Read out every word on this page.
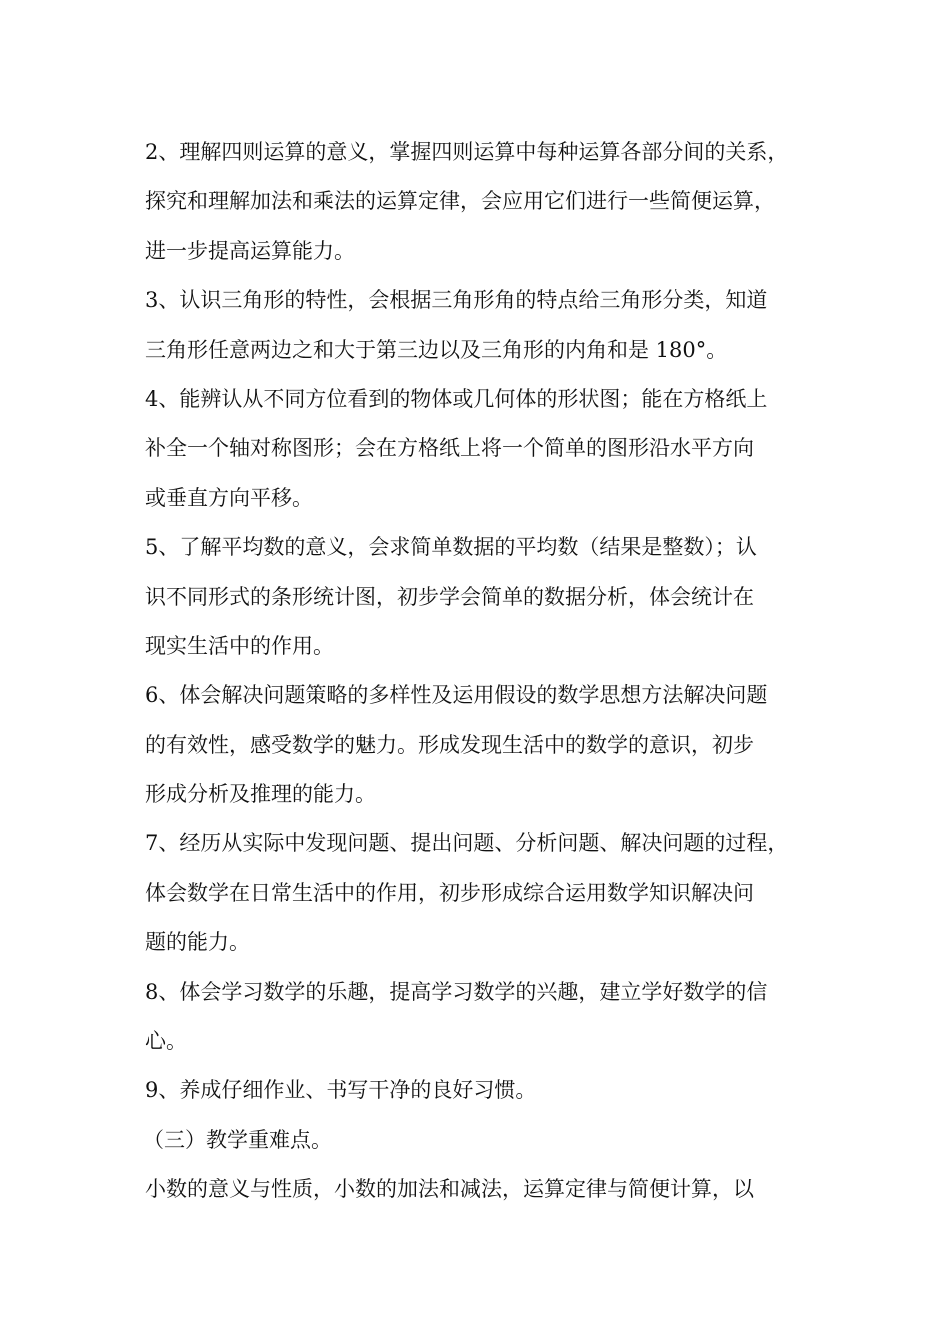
2、理解四则运算的意义，掌握四则运算中每种运算各部分间的关系，
探究和理解加法和乘法的运算定律，会应用它们进行一些简便运算，
进一步提高运算能力。
3、认识三角形的特性，会根据三角形角的特点给三角形分类，知道
三角形任意两边之和大于第三边以及三角形的内角和是 180°。
4、能辨认从不同方位看到的物体或几何体的形状图；能在方格纸上
补全一个轴对称图形；会在方格纸上将一个简单的图形沿水平方向
或垂直方向平移。
5、了解平均数的意义，会求简单数据的平均数（结果是整数）；认
识不同形式的条形统计图，初步学会简单的数据分析，体会统计在
现实生活中的作用。
6、体会解决问题策略的多样性及运用假设的数学思想方法解决问题
的有效性，感受数学的魅力。形成发现生活中的数学的意识，初步
形成分析及推理的能力。
7、经历从实际中发现问题、提出问题、分析问题、解决问题的过程，
体会数学在日常生活中的作用，初步形成综合运用数学知识解决问
题的能力。
8、体会学习数学的乐趣，提高学习数学的兴趣，建立学好数学的信
心。
9、养成仔细作业、书写干净的良好习惯。
（三）教学重难点。
小数的意义与性质，小数的加法和减法，运算定律与简便计算，以
